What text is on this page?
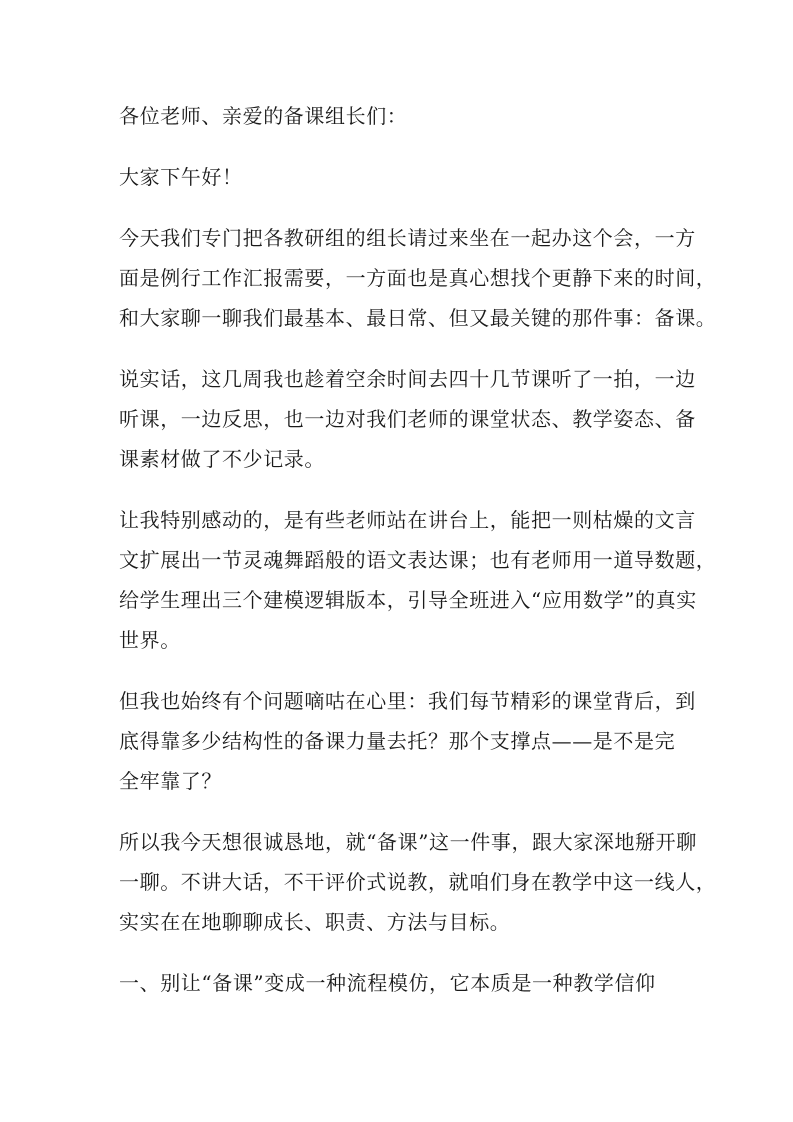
各位老师、亲爱的备课组长们：

大家下午好！

今天我们专门把各教研组的组长请过来坐在一起办这个会，一方
面是例行工作汇报需要，一方面也是真心想找个更静下来的时间，
和大家聊一聊我们最基本、最日常、但又最关键的那件事：备课。

说实话，这几周我也趁着空余时间去四十几节课听了一拍，一边
听课，一边反思，也一边对我们老师的课堂状态、教学姿态、备
课素材做了不少记录。

让我特别感动的，是有些老师站在讲台上，能把一则枯燥的文言
文扩展出一节灵魂舞蹈般的语文表达课；也有老师用一道导数题，
给学生理出三个建模逻辑版本，引导全班进入“应用数学”的真实
世界。

但我也始终有个问题嘀咕在心里：我们每节精彩的课堂背后，到
底得靠多少结构性的备课力量去托？那个支撑点——是不是完
全牢靠了？

所以我今天想很诚恳地，就“备课”这一件事，跟大家深地掰开聊
一聊。不讲大话，不干评价式说教，就咱们身在教学中这一线人，
实实在在地聊聊成长、职责、方法与目标。

一、别让“备课”变成一种流程模仿，它本质是一种教学信仰
